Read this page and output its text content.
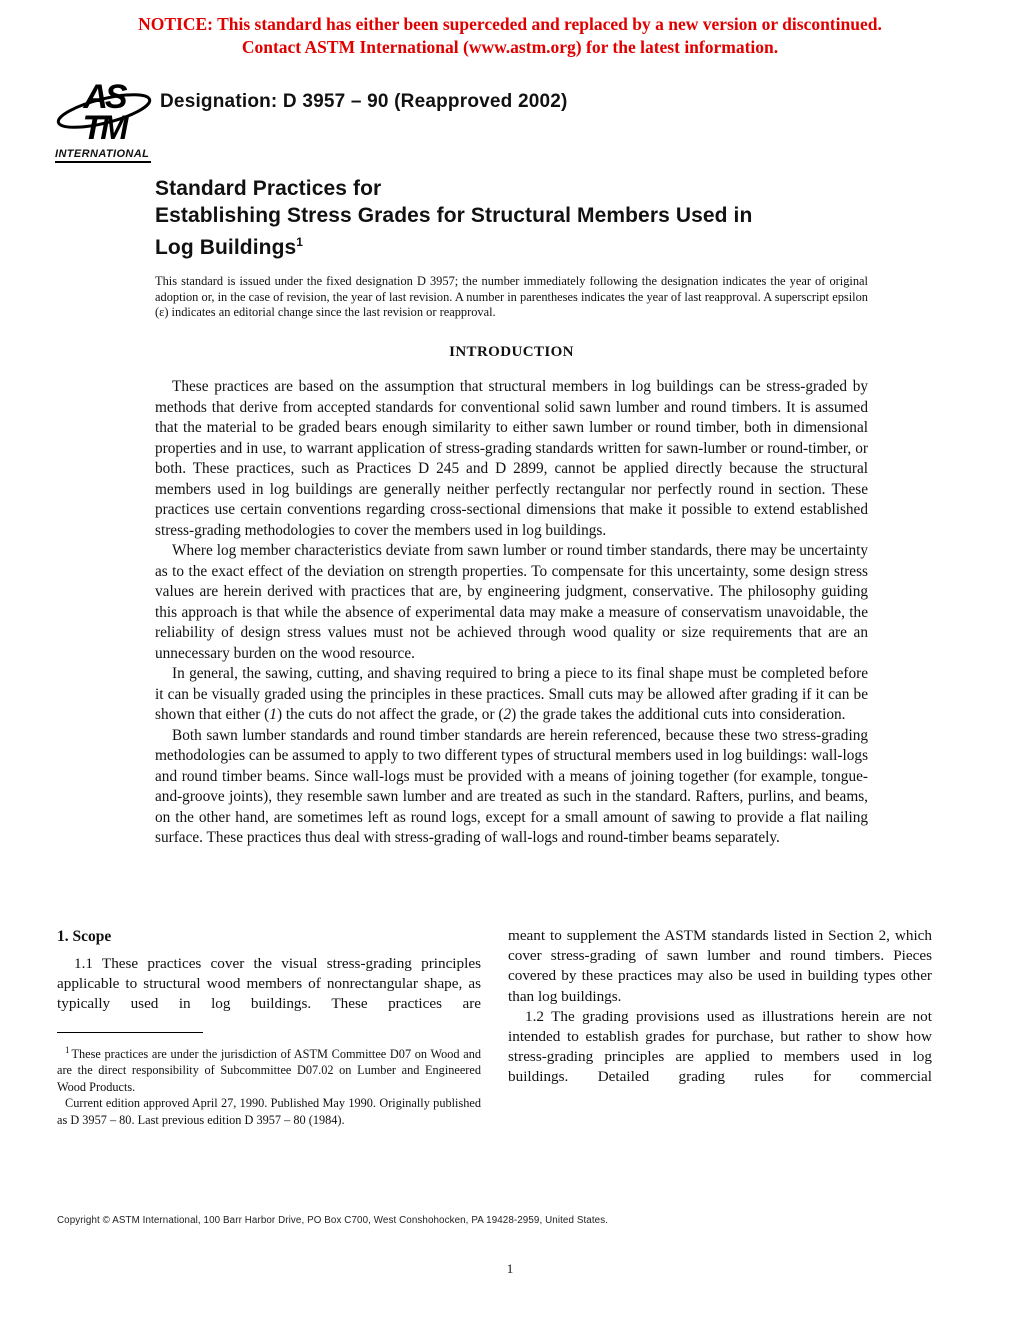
NOTICE: This standard has either been superceded and replaced by a new version or discontinued.
Contact ASTM International (www.astm.org) for the latest information.
AS
TM
INTERNATIONAL
Designation: D 3957 – 90 (Reapproved 2002)
Standard Practices for
Establishing Stress Grades for Structural Members Used in
Log Buildings$^1$

This standard is issued under the fixed designation D 3957; the number immediately following the designation indicates the year of original adoption or, in the case of revision, the year of last revision. A number in parentheses indicates the year of last reapproval. A superscript epsilon (ε) indicates an editorial change since the last revision or reapproval.

INTRODUCTION

These practices are based on the assumption that structural members in log buildings can be stress-graded by methods that derive from accepted standards for conventional solid sawn lumber and round timbers. It is assumed that the material to be graded bears enough similarity to either sawn lumber or round timber, both in dimensional properties and in use, to warrant application of stress-grading standards written for sawn-lumber or round-timber, or both. These practices, such as Practices D 245 and D 2899, cannot be applied directly because the structural members used in log buildings are generally neither perfectly rectangular nor perfectly round in section. These practices use certain conventions regarding cross-sectional dimensions that make it possible to extend established stress-grading methodologies to cover the members used in log buildings.

Where log member characteristics deviate from sawn lumber or round timber standards, there may be uncertainty as to the exact effect of the deviation on strength properties. To compensate for this uncertainty, some design stress values are herein derived with practices that are, by engineering judgment, conservative. The philosophy guiding this approach is that while the absence of experimental data may make a measure of conservatism unavoidable, the reliability of design stress values must not be achieved through wood quality or size requirements that are an unnecessary burden on the wood resource.

In general, the sawing, cutting, and shaving required to bring a piece to its final shape must be completed before it can be visually graded using the principles in these practices. Small cuts may be allowed after grading if it can be shown that either (1) the cuts do not affect the grade, or (2) the grade takes the additional cuts into consideration.

Both sawn lumber standards and round timber standards are herein referenced, because these two stress-grading methodologies can be assumed to apply to two different types of structural members used in log buildings: wall-logs and round timber beams. Since wall-logs must be provided with a means of joining together (for example, tongue-and-groove joints), they resemble sawn lumber and are treated as such in the standard. Rafters, purlins, and beams, on the other hand, are sometimes left as round logs, except for a small amount of sawing to provide a flat nailing surface. These practices thus deal with stress-grading of wall-logs and round-timber beams separately.

1. Scope

1.1 These practices cover the visual stress-grading principles applicable to structural wood members of nonrectangular shape, as typically used in log buildings. These practices are

$^1$ These practices are under the jurisdiction of ASTM Committee D07 on Wood and are the direct responsibility of Subcommittee D07.02 on Lumber and Engineered Wood Products.

Current edition approved April 27, 1990. Published May 1990. Originally published as D 3957 – 80. Last previous edition D 3957 – 80 (1984).

meant to supplement the ASTM standards listed in Section 2, which cover stress-grading of sawn lumber and round timbers. Pieces covered by these practices may also be used in building types other than log buildings.

1.2 The grading provisions used as illustrations herein are not intended to establish grades for purchase, but rather to show how stress-grading principles are applied to members used in log buildings. Detailed grading rules for commercial

Copyright © ASTM International, 100 Barr Harbor Drive, PO Box C700, West Conshohocken, PA 19428-2959, United States.
1
